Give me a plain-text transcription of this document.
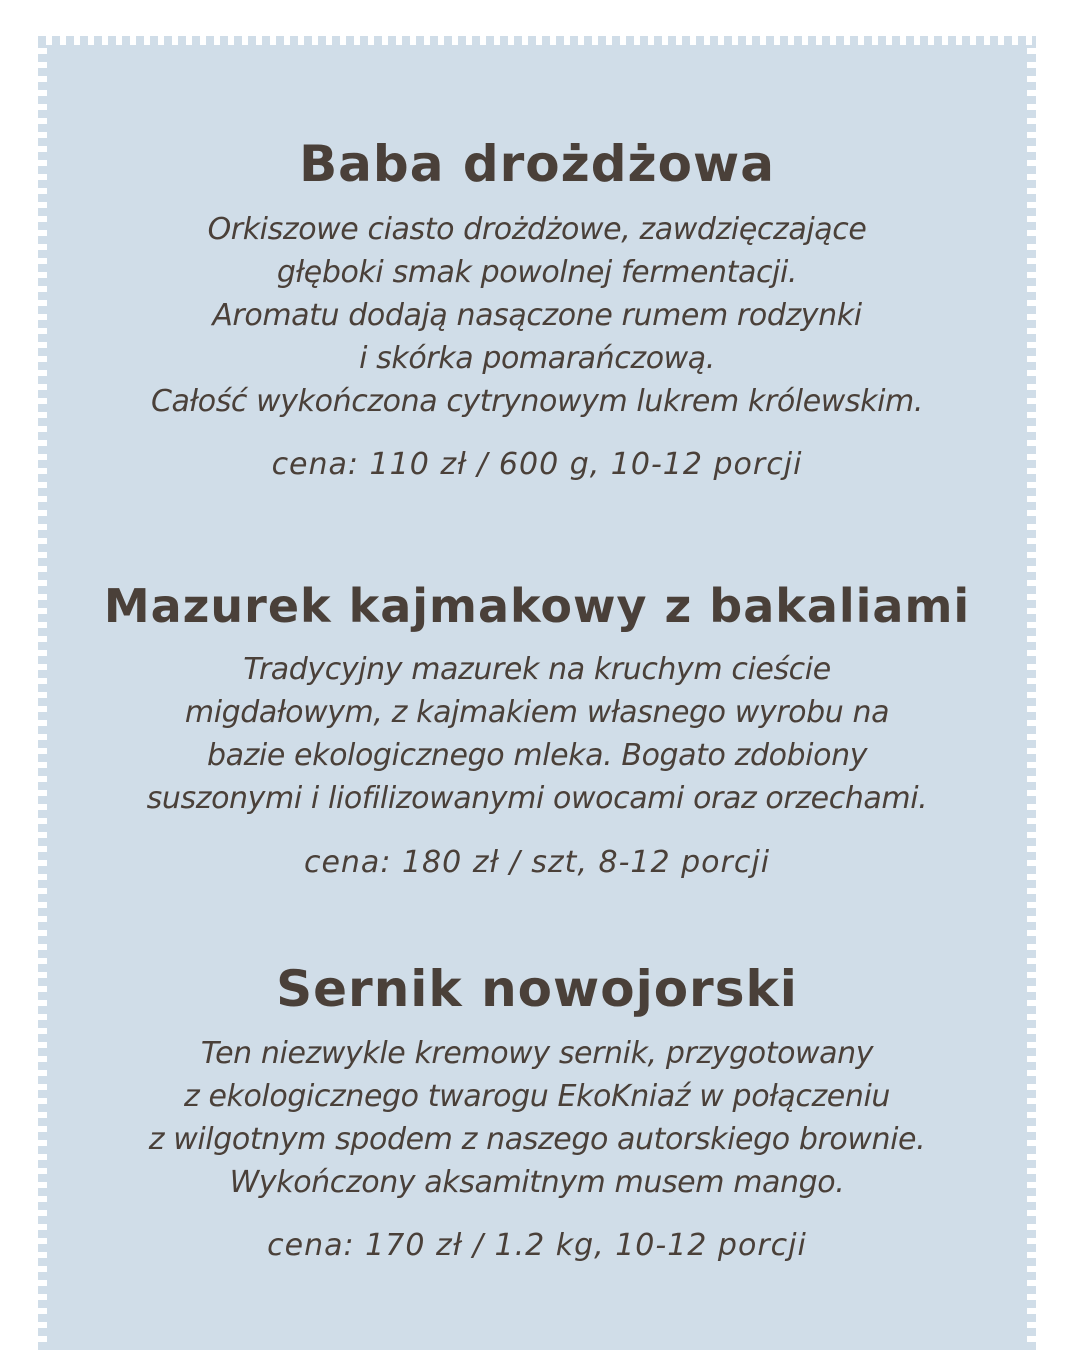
Baba drożdżowa

Orkiszowe ciasto drożdżowe, zawdzięczające
głęboki smak powolnej fermentacji.
Aromatu dodają nasączone rumem rodzynki
i skórka pomarańczową.
Całość wykończona cytrynowym lukrem królewskim.

cena: 110 zł / 600 g, 10-12 porcji

Mazurek kajmakowy z bakaliami

Tradycyjny mazurek na kruchym cieście
migdałowym, z kajmakiem własnego wyrobu na
bazie ekologicznego mleka. Bogato zdobiony
suszonymi i liofilizowanymi owocami oraz orzechami.

cena: 180 zł / szt, 8-12 porcji

Sernik nowojorski

Ten niezwykle kremowy sernik, przygotowany
z ekologicznego twarogu EkoKniaź w połączeniu
z wilgotnym spodem z naszego autorskiego brownie.
Wykończony aksamitnym musem mango.

cena: 170 zł / 1.2 kg, 10-12 porcji
